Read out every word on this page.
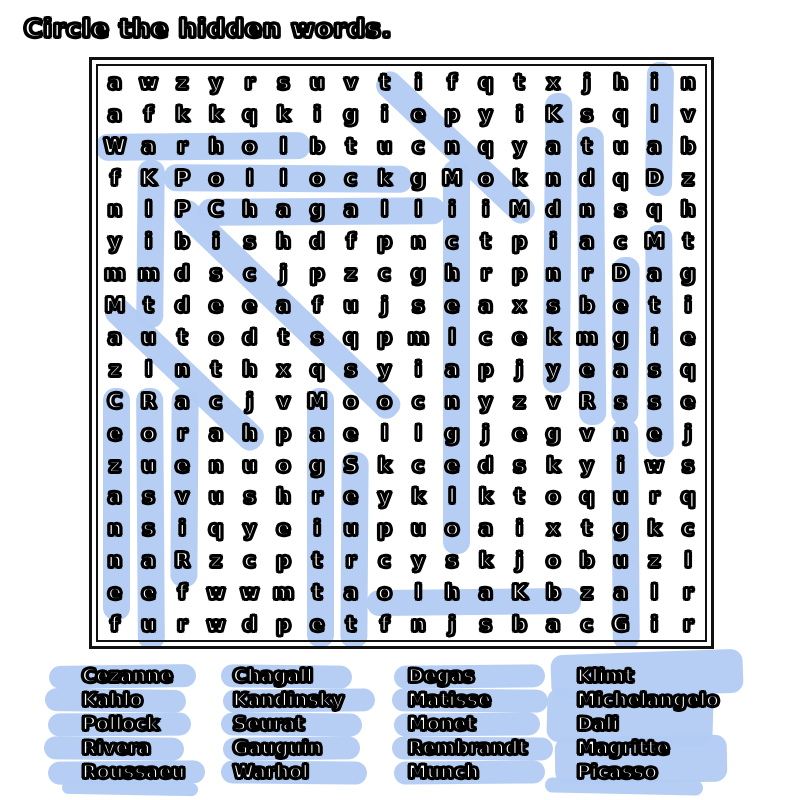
Circle the hidden words.
a w z	y	r	s	u	v	t	i	f	q	t	x	j	h	i	n
a	f	k	k q k	i	g	i	e p	y	i	K	s	q	l	v
W a	r	h o	l	b	t	u	c	n q	y	a	t	u a b
f	K P o	l	l	o	c	k g M o	k n d q D z
n	l	P C h a g a	l	l	i	i	M d n	s	q h
y	i	b	i	s	h d	f	p n	c	t	p	i	a	c M t
m m d	s	c	j	p	z	c	g h	r	p n	r	D a g
M t	d e	e	a	f	u	j	s	e	a	x	s	b e	t	i
a u	t	o d	t	s	q p m l	c	e	k m g	i	e
z	l	n	t	h	x	q	s	y	i	a p	j	y	e	a	s	q
C R a	c	j	v M o o	c	n	y	z	v R	s	s	e
e	o	r	a h p a	e	l	l	g	j	e g	v	n e	j
z	u e n u o g S k	c	e d	s	k	y	i	w s
a	s	v	u	s	h	r	e	y	k	l	k	t	o q u	r	q
n	s	i	q	y	e	i	u p u o	a	i	x	t	g k	c
n a R	z	c	p	t	r	c	y	s	k	j	o b u	z	l
e	e	f	w w m t	a	o	l	h a K b	z	a	l	r
f	u	r w d p e	t	f	n	j	s	b a	c G	i	r
Cezanne
Kahlo
Pollock
Rivera
Roussaeu
Chagall
Kandinsky
Seurat
Gauguin
Warhol
Degas
Matisse
Monet
Rembrandt
Munch
Klimt
Michelangelo
Dali
Magritte
Picasso
